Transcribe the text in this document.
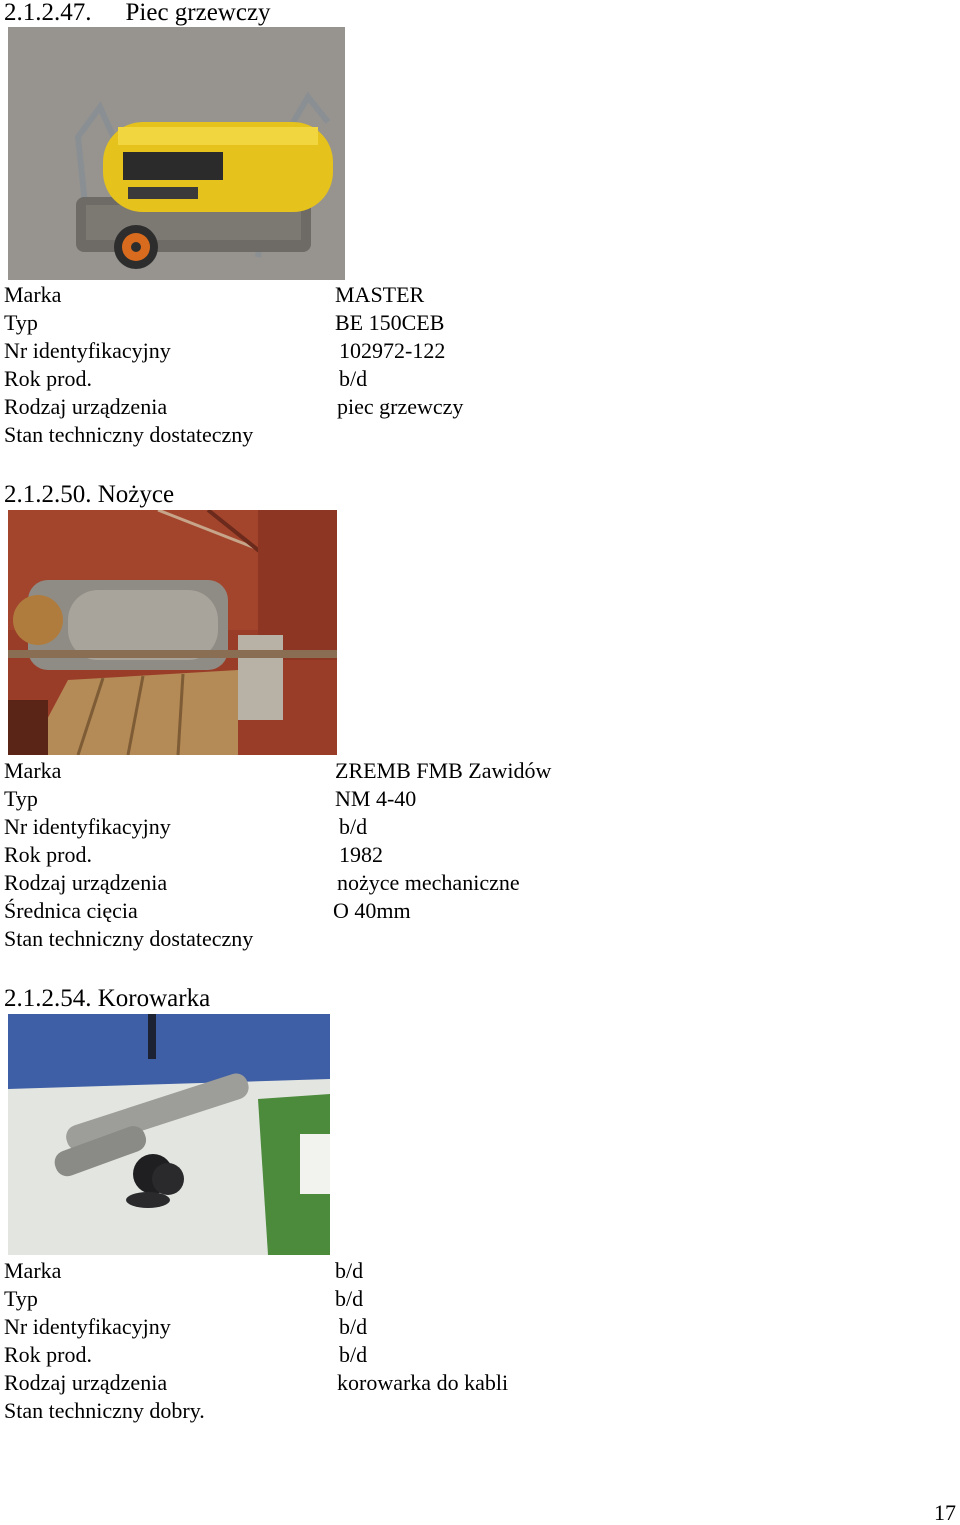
2.1.2.47. Piec grzewczy
Marka	MASTER
Typ	BE 150CEB
Nr identyfikacyjny	102972-122
Rok prod.	b/d
Rodzaj urządzenia	piec grzewczy
Stan techniczny dostateczny
2.1.2.50. Nożyce
Marka	ZREMB FMB Zawidów
Typ	NM 4-40
Nr identyfikacyjny	b/d
Rok prod.	1982
Rodzaj urządzenia	nożyce mechaniczne
Średnica cięcia	O 40mm
Stan techniczny dostateczny
2.1.2.54. Korowarka
Marka	b/d
Typ	b/d
Nr identyfikacyjny	b/d
Rok prod.	b/d
Rodzaj urządzenia	korowarka do kabli
Stan techniczny dobry.
17
